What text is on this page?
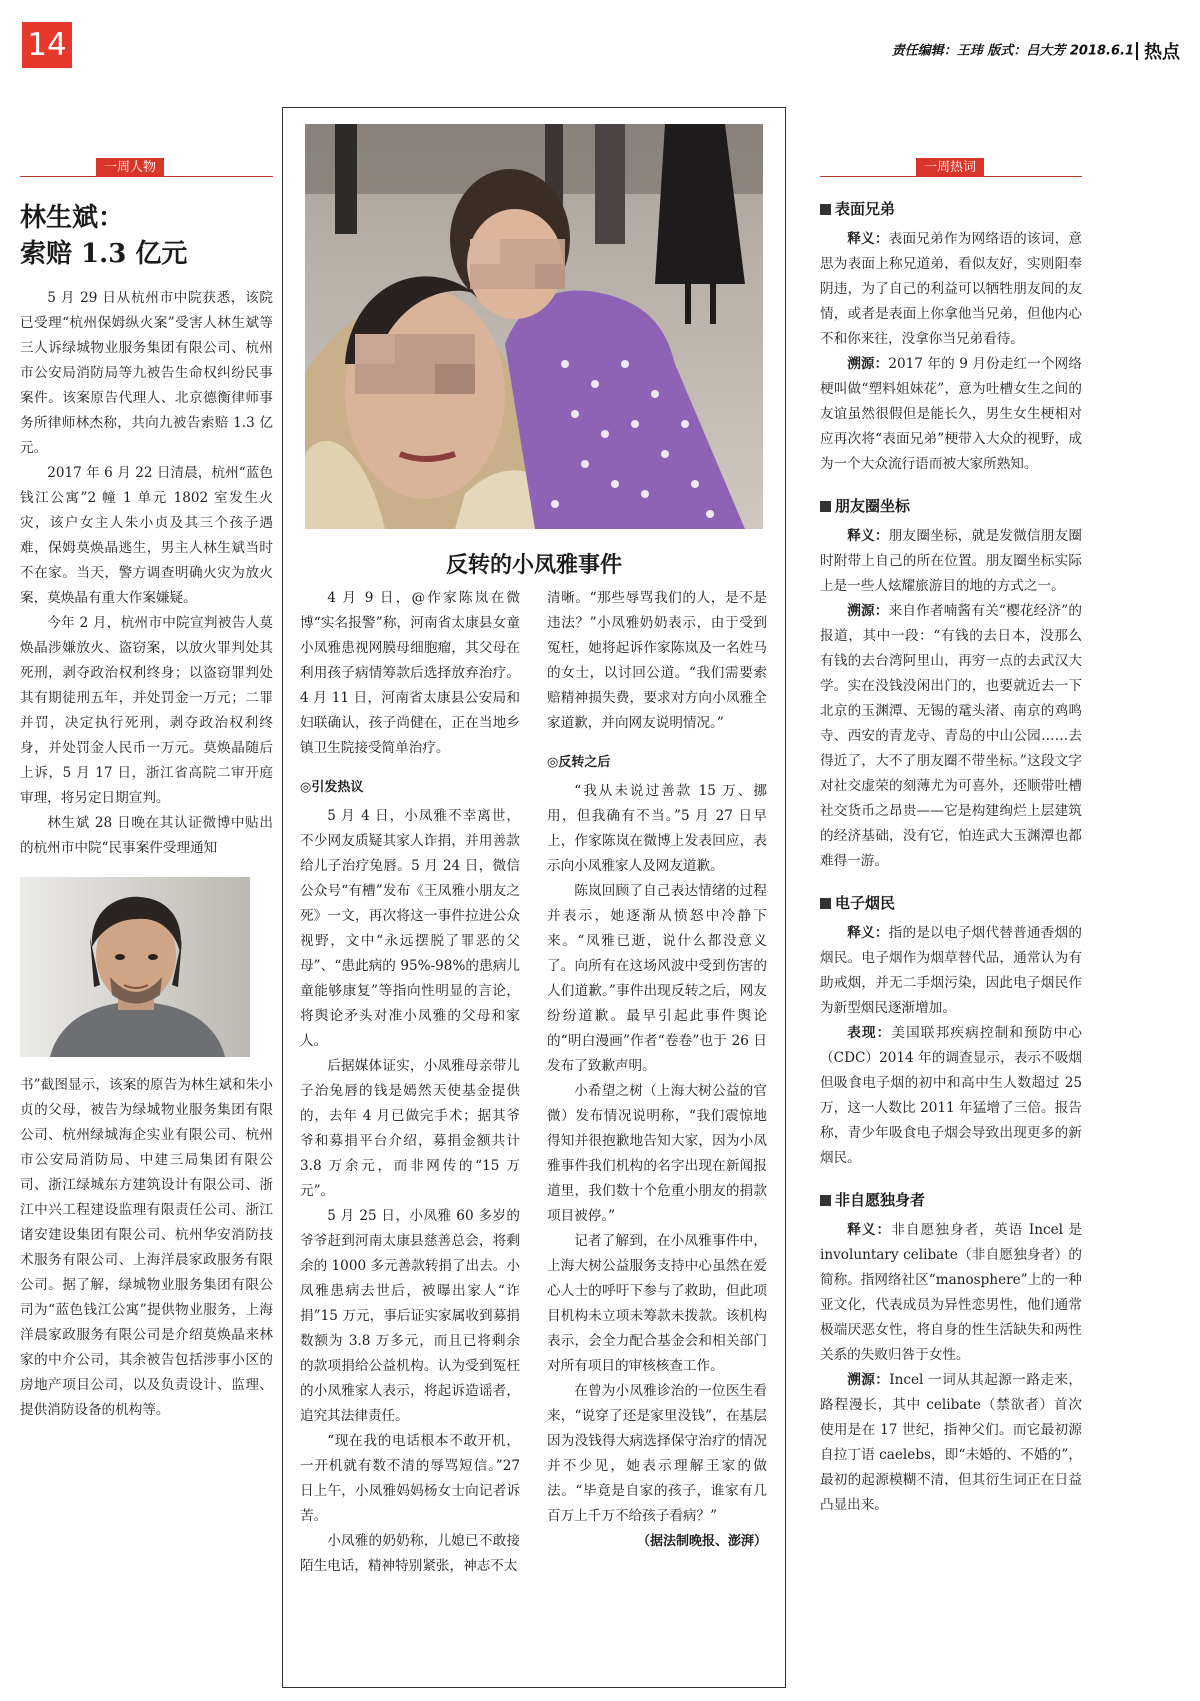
14	责任编辑：王玮 版式：吕大芳 2018.6.1 热点
一周人物
林生斌：
索赔 1.3 亿元

5 月 29 日从杭州市中院获悉，该院已受理“杭州保姆纵火案”受害人林生斌等三人诉绿城物业服务集团有限公司、杭州市公安局消防局等九被告生命权纠纷民事案件。该案原告代理人、北京德衡律师事务所律师林杰称，共向九被告索赔 1.3 亿元。

2017 年 6 月 22 日清晨，杭州“蓝色钱江公寓”2 幢 1 单元 1802 室发生火灾，该户女主人朱小贞及其三个孩子遇难，保姆莫焕晶逃生，男主人林生斌当时不在家。当天，警方调查明确火灾为放火案，莫焕晶有重大作案嫌疑。

今年 2 月，杭州市中院宣判被告人莫焕晶涉嫌放火、盗窃案，以放火罪判处其死刑，剥夺政治权利终身；以盗窃罪判处其有期徒刑五年，并处罚金一万元；二罪并罚，决定执行死刑，剥夺政治权利终身，并处罚金人民币一万元。莫焕晶随后上诉，5 月 17 日，浙江省高院二审开庭审理，将另定日期宣判。

林生斌 28 日晚在其认证微博中贴出的杭州市中院“民事案件受理通知

书”截图显示，该案的原告为林生斌和朱小贞的父母，被告为绿城物业服务集团有限公司、杭州绿城海企实业有限公司、杭州市公安局消防局、中建三局集团有限公司、浙江绿城东方建筑设计有限公司、浙江中兴工程建设监理有限责任公司、浙江诸安建设集团有限公司、杭州华安消防技术服务有限公司、上海洋晨家政服务有限公司。据了解，绿城物业服务集团有限公司为“蓝色钱江公寓”提供物业服务，上海洋晨家政服务有限公司是介绍莫焕晶来林家的中介公司，其余被告包括涉事小区的房地产项目公司，以及负责设计、监理、提供消防设备的机构等。
反转的小凤雅事件

4 月 9 日，@作家陈岚在微博“实名报警”称，河南省太康县女童小凤雅患视网膜母细胞瘤，其父母在利用孩子病情筹款后选择放弃治疗。4 月 11 日，河南省太康县公安局和妇联确认，孩子尚健在，正在当地乡镇卫生院接受简单治疗。

◎引发热议

5 月 4 日，小凤雅不幸离世，不少网友质疑其家人诈捐，并用善款给儿子治疗兔唇。5 月 24 日，微信公众号“有槽”发布《王凤雅小朋友之死》一文，再次将这一事件拉进公众视野，文中“永远摆脱了罪恶的父母”、“患此病的 95%-98%的患病儿童能够康复”等指向性明显的言论，将舆论矛头对准小凤雅的父母和家人。

后据媒体证实，小凤雅母亲带儿子治兔唇的钱是嫣然天使基金提供的，去年 4 月已做完手术；据其爷爷和募捐平台介绍，募捐金额共计 3.8 万余元，而非网传的“15 万元”。

5 月 25 日，小凤雅 60 多岁的爷爷赶到河南太康县慈善总会，将剩余的 1000 多元善款转捐了出去。小凤雅患病去世后，被曝出家人“诈捐”15 万元，事后证实家属收到募捐数额为 3.8 万多元，而且已将剩余的款项捐给公益机构。认为受到冤枉的小凤雅家人表示，将起诉造谣者，追究其法律责任。

“现在我的电话根本不敢开机，一开机就有数不清的辱骂短信。”27 日上午，小凤雅妈妈杨女士向记者诉苦。

小凤雅的奶奶称，儿媳已不敢接陌生电话，精神特别紧张，神志不太

清晰。“那些辱骂我们的人，是不是违法？”小凤雅奶奶表示，由于受到冤枉，她将起诉作家陈岚及一名姓马的女士，以讨回公道。“我们需要索赔精神损失费，要求对方向小凤雅全家道歉，并向网友说明情况。”

◎反转之后

“我从未说过善款 15 万、挪用，但我确有不当。”5 月 27 日早上，作家陈岚在微博上发表回应，表示向小凤雅家人及网友道歉。

陈岚回顾了自己表达情绪的过程并表示，她逐渐从愤怒中冷静下来。“凤雅已逝，说什么都没意义了。向所有在这场风波中受到伤害的人们道歉。”事件出现反转之后，网友纷纷道歉。最早引起此事件舆论的“明白漫画”作者“卷卷”也于 26 日发布了致歉声明。

小希望之树（上海大树公益的官微）发布情况说明称，“我们震惊地得知并很抱歉地告知大家，因为小凤雅事件我们机构的名字出现在新闻报道里，我们数十个危重小朋友的捐款项目被停。”

记者了解到，在小凤雅事件中，上海大树公益服务支持中心虽然在爱心人士的呼吁下参与了救助，但此项目机构未立项未筹款未拨款。该机构表示，会全力配合基金会和相关部门对所有项目的审核核查工作。

在曾为小凤雅诊治的一位医生看来，“说穿了还是家里没钱”，在基层因为没钱得大病选择保守治疗的情况并不少见，她表示理解王家的做法。“毕竟是自家的孩子，谁家有几百万上千万不给孩子看病？”

（据法制晚报、澎湃）
一周热词
表面兄弟

释义：表面兄弟作为网络语的该词，意思为表面上称兄道弟，看似友好，实则阳奉阴违，为了自己的利益可以牺牲朋友间的友情，或者是表面上你拿他当兄弟，但他内心不和你来往，没拿你当兄弟看待。

溯源：2017 年的 9 月份走红一个网络梗叫做“塑料姐妹花”，意为吐槽女生之间的友谊虽然很假但是能长久，男生女生梗相对应再次将“表面兄弟”梗带入大众的视野，成为一个大众流行语而被大家所熟知。

朋友圈坐标

释义：朋友圈坐标，就是发微信朋友圈时附带上自己的所在位置。朋友圈坐标实际上是一些人炫耀旅游目的地的方式之一。

溯源：来自作者喃酱有关“樱花经济”的报道，其中一段：“有钱的去日本，没那么有钱的去台湾阿里山，再穷一点的去武汉大学。实在没钱没闲出门的，也要就近去一下北京的玉渊潭、无锡的鼋头渚、南京的鸡鸣寺、西安的青龙寺、青岛的中山公园……去得近了，大不了朋友圈不带坐标。”这段文字对社交虚荣的刻薄尤为可喜外，还顺带吐槽社交货币之昂贵——它是构建绚烂上层建筑的经济基础，没有它，怕连武大玉渊潭也都难得一游。

电子烟民

释义：指的是以电子烟代替普通香烟的烟民。电子烟作为烟草替代品，通常认为有助戒烟，并无二手烟污染，因此电子烟民作为新型烟民逐渐增加。

表现：美国联邦疾病控制和预防中心（CDC）2014 年的调查显示，表示不吸烟但吸食电子烟的初中和高中生人数超过 25 万，这一人数比 2011 年猛增了三倍。报告称，青少年吸食电子烟会导致出现更多的新烟民。

非自愿独身者

释义：非自愿独身者，英语 Incel 是 involuntary celibate（非自愿独身者）的简称。指网络社区“manosphere”上的一种亚文化，代表成员为异性恋男性，他们通常极端厌恶女性，将自身的性生活缺失和两性关系的失败归咎于女性。

溯源：Incel 一词从其起源一路走来，路程漫长，其中 celibate（禁欲者）首次使用是在 17 世纪，指神父们。而它最初源自拉丁语 caelebs，即“未婚的、不婚的”，最初的起源模糊不清，但其衍生词正在日益凸显出来。
